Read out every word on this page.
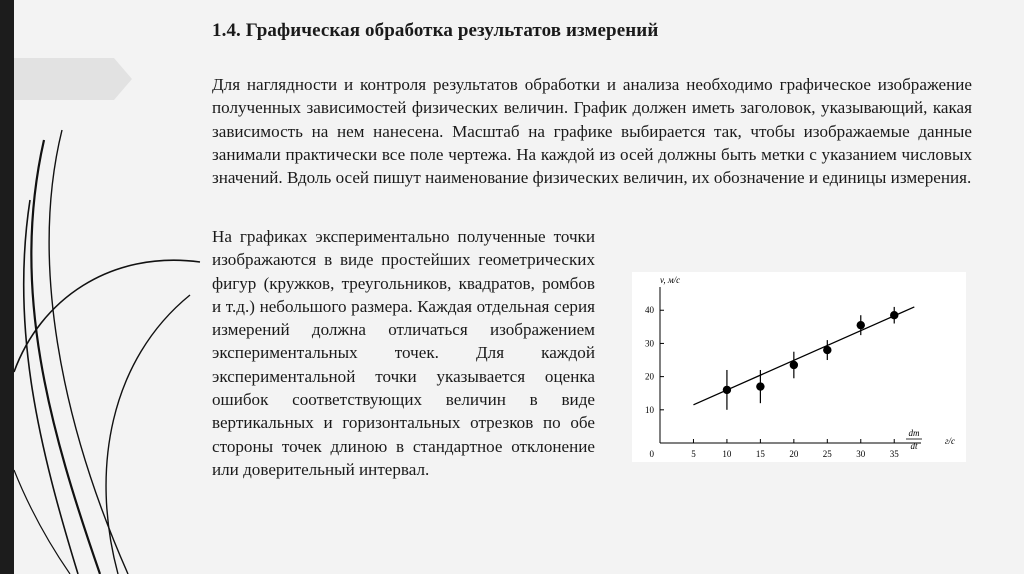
1.4. Графическая обработка результатов измерений
Для наглядности и контроля результатов обработки и анализа необходимо графическое изображение полученных зависимостей физических величин. График должен иметь заголовок, указывающий, какая зависимость на нем нанесена. Масштаб на графике выбирается так, чтобы изображаемые данные занимали практически все поле чертежа. На каждой из осей должны быть метки с указанием числовых значений. Вдоль осей пишут наименование физических величин, их обозначение и единицы измерения.
На графиках экспериментально полученные точки изображаются в виде простейших геометрических фигур (кружков, треугольников, квадратов, ромбов и т.д.) небольшого размера. Каждая отдельная серия измерений должна отличаться изображением экспериментальных точек. Для каждой экспериментальной точки указывается оценка ошибок соответствующих величин в виде вертикальных и горизонтальных отрезков по обе стороны точек длиною в стандартное отклонение или доверительный интервал.
5	10	15	20	25	30	35
10
20
30
40
0
v, м/с
dm
dt	г/с
